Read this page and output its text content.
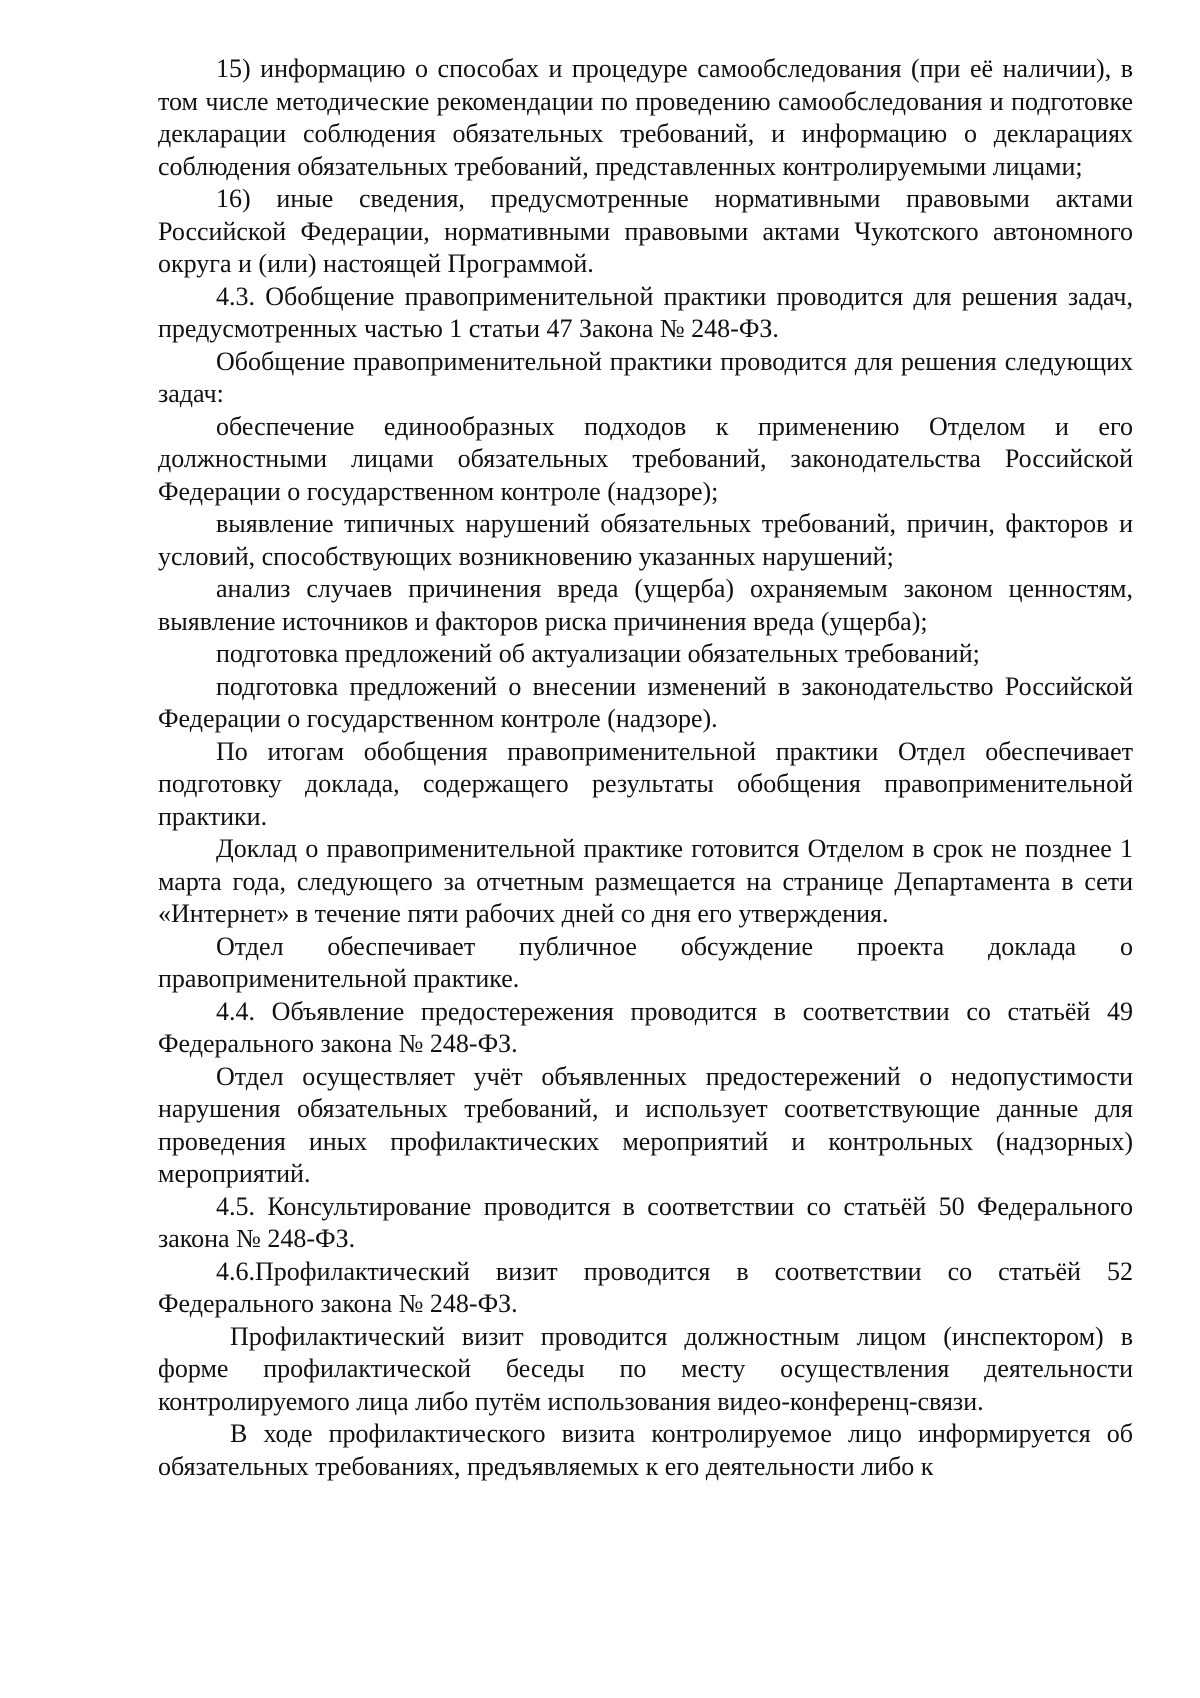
15) информацию о способах и процедуре самообследования (при её наличии), в том числе методические рекомендации по проведению самообследования и подготовке декларации соблюдения обязательных требований, и информацию о декларациях соблюдения обязательных требований, представленных контролируемыми лицами;

16) иные сведения, предусмотренные нормативными правовыми актами Российской Федерации, нормативными правовыми актами Чукотского автономного округа и (или) настоящей Программой.

4.3. Обобщение правоприменительной практики проводится для решения задач, предусмотренных частью 1 статьи 47 Закона № 248-ФЗ.

Обобщение правоприменительной практики проводится для решения следующих задач:

обеспечение единообразных подходов к применению Отделом и его должностными лицами обязательных требований, законодательства Российской Федерации о государственном контроле (надзоре);

выявление типичных нарушений обязательных требований, причин, факторов и условий, способствующих возникновению указанных нарушений;

анализ случаев причинения вреда (ущерба) охраняемым законом ценностям, выявление источников и факторов риска причинения вреда (ущерба);

подготовка предложений об актуализации обязательных требований;

подготовка предложений о внесении изменений в законодательство Российской Федерации о государственном контроле (надзоре).

По итогам обобщения правоприменительной практики Отдел обеспечивает подготовку доклада, содержащего результаты обобщения правоприменительной практики.

Доклад о правоприменительной практике готовится Отделом в срок не позднее 1 марта года, следующего за отчетным размещается на странице Департамента в сети «Интернет» в течение пяти рабочих дней со дня его утверждения.

Отдел обеспечивает публичное обсуждение проекта доклада о правоприменительной практике.

4.4. Объявление предостережения проводится в соответствии со статьёй 49 Федерального закона № 248-ФЗ.

Отдел осуществляет учёт объявленных предостережений о недопустимости нарушения обязательных требований, и использует соответствующие данные для проведения иных профилактических мероприятий и контрольных (надзорных) мероприятий.

4.5. Консультирование проводится в соответствии со статьёй 50 Федерального закона № 248-ФЗ.

4.6.Профилактический визит проводится в соответствии со статьёй 52 Федерального закона № 248-ФЗ.

Профилактический визит проводится должностным лицом (инспектором) в форме профилактической беседы по месту осуществления деятельности контролируемого лица либо путём использования видео-конференц-связи.

В ходе профилактического визита контролируемое лицо информируется об обязательных требованиях, предъявляемых к его деятельности либо к
